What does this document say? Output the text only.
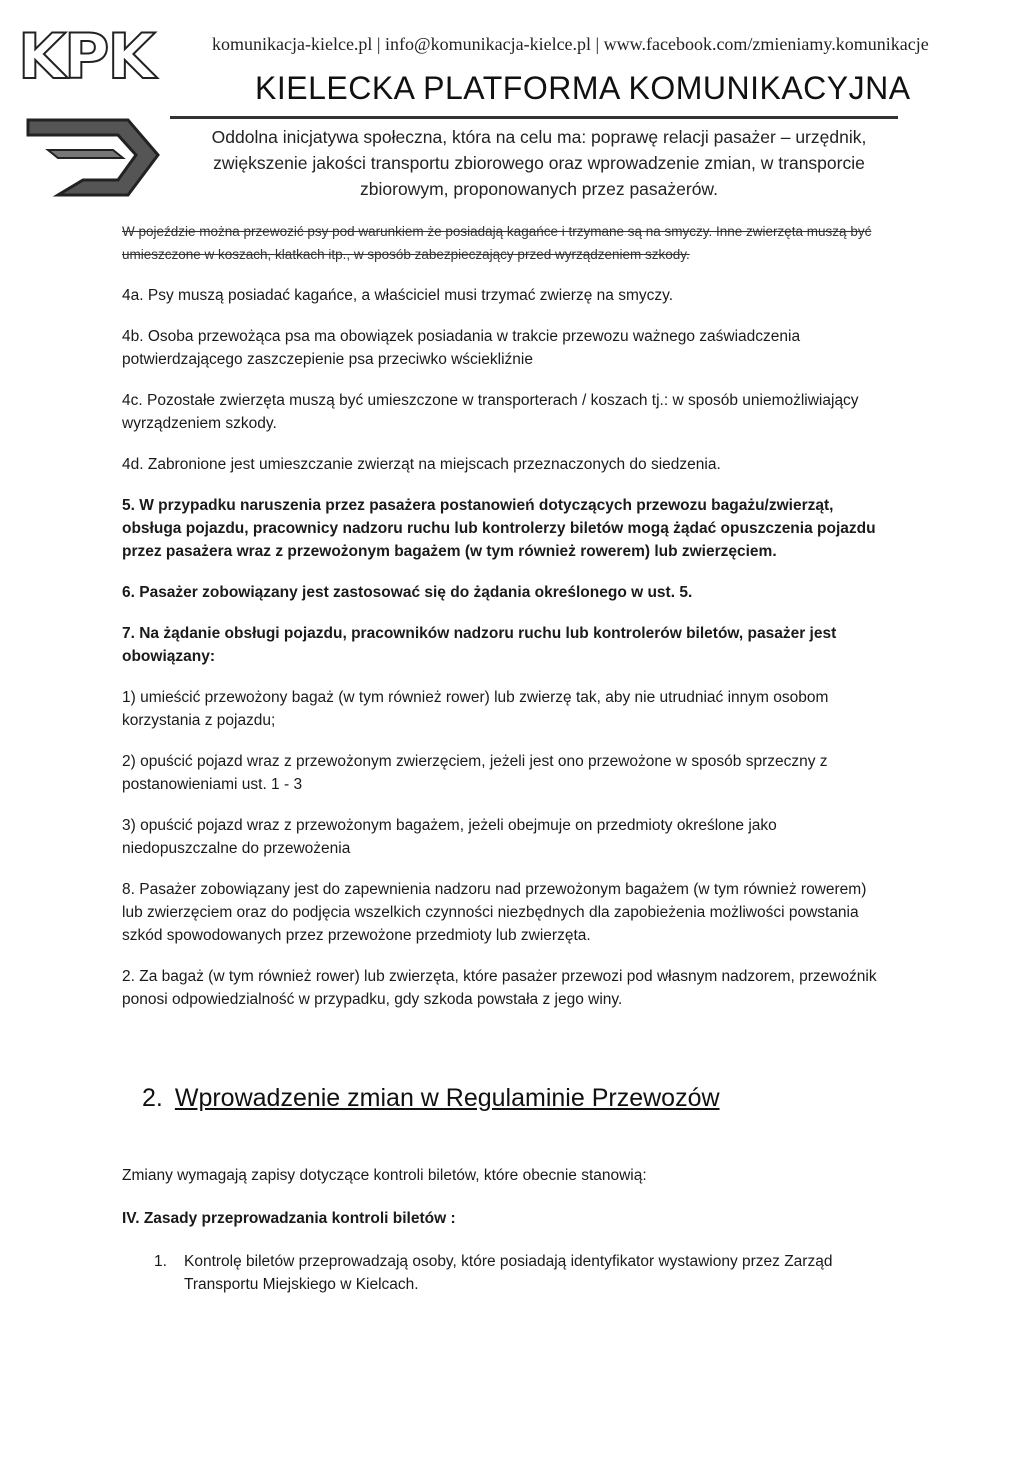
KPK	komunikacja-kielce.pl | info@komunikacja-kielce.pl | www.facebook.com/zmieniamy.komunikacje
KIELECKA PLATFORMA KOMUNIKACYJNA
Oddolna inicjatywa społeczna, która na celu ma: poprawę relacji pasażer – urzędnik, zwiększenie jakości transportu zbiorowego oraz wprowadzenie zmian, w transporcie zbiorowym, proponowanych przez pasażerów.

W pojeździe można przewozić psy pod warunkiem że posiadają kagańce i trzymane są na smyczy. Inne zwierzęta muszą być umieszczone w koszach, klatkach itp., w sposób zabezpieczający przed wyrządzeniem szkody.

4a. Psy muszą posiadać kagańce, a właściciel musi trzymać zwierzę na smyczy.

4b. Osoba przewożąca psa ma obowiązek posiadania w trakcie przewozu ważnego zaświadczenia potwierdzającego zaszczepienie psa przeciwko wściekliźnie

4c. Pozostałe zwierzęta muszą być umieszczone w transporterach / koszach tj.: w sposób uniemożliwiający wyrządzeniem szkody.

4d. Zabronione jest umieszczanie zwierząt na miejscach przeznaczonych do siedzenia.

5. W przypadku naruszenia przez pasażera postanowień dotyczących przewozu bagażu/zwierząt, obsługa pojazdu, pracownicy nadzoru ruchu lub kontrolerzy biletów mogą żądać opuszczenia pojazdu przez pasażera wraz z przewożonym bagażem (w tym również rowerem) lub zwierzęciem.

6. Pasażer zobowiązany jest zastosować się do żądania określonego w ust. 5.

7. Na żądanie obsługi pojazdu, pracowników nadzoru ruchu lub kontrolerów biletów, pasażer jest obowiązany:

1) umieścić przewożony bagaż (w tym również rower) lub zwierzę tak, aby nie utrudniać innym osobom korzystania z pojazdu;

2) opuścić pojazd wraz z przewożonym zwierzęciem, jeżeli jest ono przewożone w sposób sprzeczny z postanowieniami ust. 1 - 3

3) opuścić pojazd wraz z przewożonym bagażem, jeżeli obejmuje on przedmioty określone jako niedopuszczalne do przewożenia

8. Pasażer zobowiązany jest do zapewnienia nadzoru nad przewożonym bagażem (w tym również rowerem) lub zwierzęciem oraz do podjęcia wszelkich czynności niezbędnych dla zapobieżenia możliwości powstania szkód spowodowanych przez przewożone przedmioty lub zwierzęta.

2. Za bagaż (w tym również rower) lub zwierzęta, które pasażer przewozi pod własnym nadzorem, przewoźnik ponosi odpowiedzialność w przypadku, gdy szkoda powstała z jego winy.

2. Wprowadzenie zmian w Regulaminie Przewozów

Zmiany wymagają zapisy dotyczące kontroli biletów, które obecnie stanowią:

IV. Zasady przeprowadzania kontroli biletów :

1.	Kontrolę biletów przeprowadzają osoby, które posiadają identyfikator wystawiony przez Zarząd Transportu Miejskiego w Kielcach.
